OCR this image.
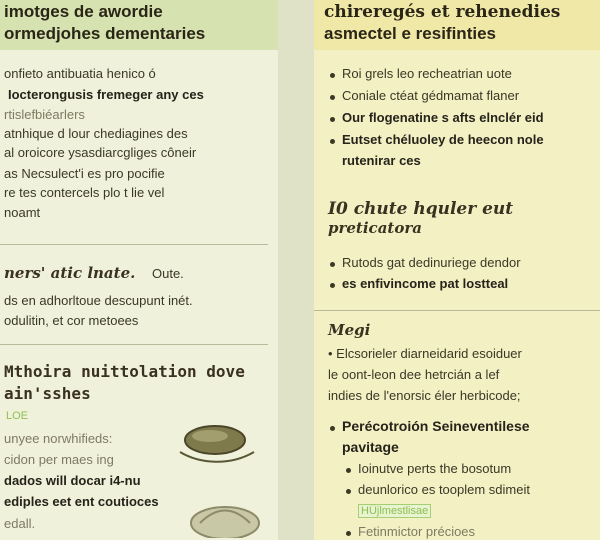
imotges de awordie
ormedjohes dementaries
onfieto antibuatia henico ó
Iocterongusis fremeger any ces
rtislefbiéarlers
atnhique d lour chediagines des
al oroicore ysasdiarcgliges côneir
as Necsulect'i es pro pocifie
re tes contercels plo t lie vel
noamt
ners' atic lnate. Oute.
ds en adhorltoue descupunt inét.
odulitin, et cor metoees
Mthoira nuittolation dove
ain'sshes
LOE
unyee norwhifieds:
cidon per maes ing
dados will docar i4-nu
ediples eet ent coutioces
edall.
chireregés et rehenedies
asmectel e resifinties
Roi grels leo recheatrian uote
Coniale ctéat gédmamat flaner
Our flogenatine s afts elnclér eid
Eutset chéluoley de heecon nole
rutenirar ces
I0 chute hquler eut
preticatora
Rutods gat dedinuriege dendor
es enfivincome pat lostteal
Megi
• Elcsorieler diarneidarid esoiduer
le oont-leon dee hetrcián a lef
indies de l'enorsic éler herbicode;
Perécotroión Seineventilese
pavitage
Ioinutve perts the bosotum
deunlorico es tooplem sdimeit
HÜjlmestlisae
Fetinmictor précioes
